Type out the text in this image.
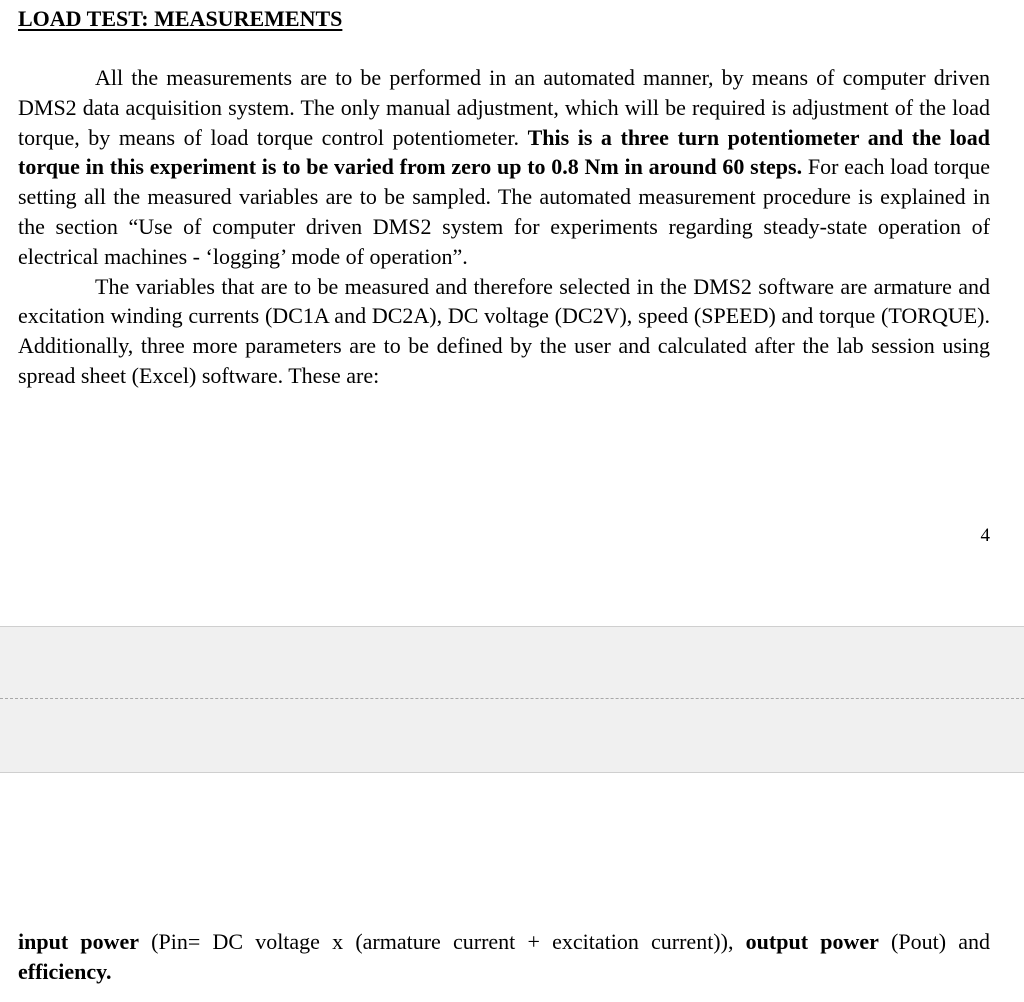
LOAD TEST: MEASUREMENTS

All the measurements are to be performed in an automated manner, by means of computer driven DMS2 data acquisition system. The only manual adjustment, which will be required is adjustment of the load torque, by means of load torque control potentiometer. This is a three turn potentiometer and the load torque in this experiment is to be varied from zero up to 0.8 Nm in around 60 steps. For each load torque setting all the measured variables are to be sampled. The automated measurement procedure is explained in the section “Use of computer driven DMS2 system for experiments regarding steady-state operation of electrical machines - ‘logging’ mode of operation”.

The variables that are to be measured and therefore selected in the DMS2 software are armature and excitation winding currents (DC1A and DC2A), DC voltage (DC2V), speed (SPEED) and torque (TORQUE). Additionally, three more parameters are to be defined by the user and calculated after the lab session using spread sheet (Excel) software. These are:

4

input power (Pin= DC voltage x (armature current + excitation current)), output power (Pout) and efficiency.
